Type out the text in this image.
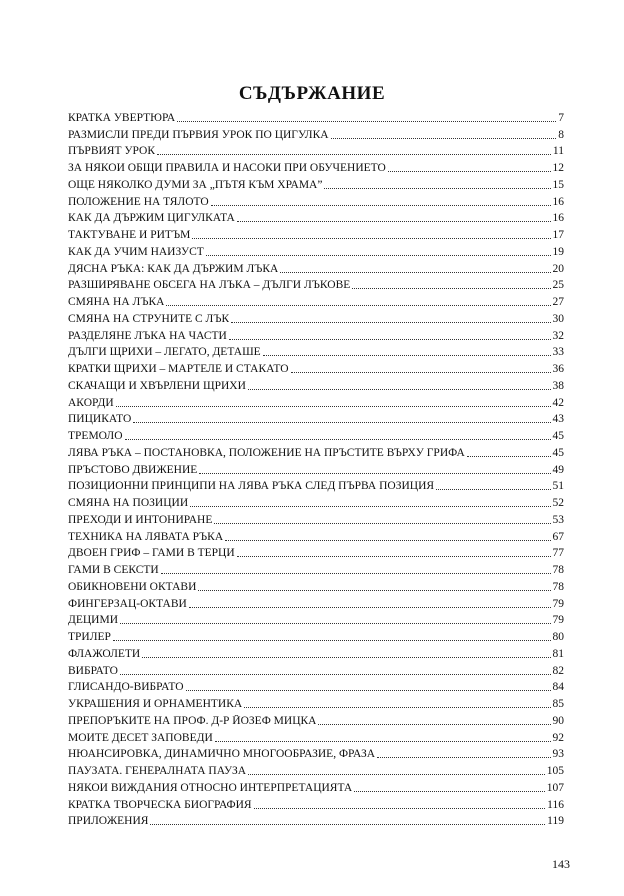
СЪДЪРЖАНИЕ
КРАТКА УВЕРТЮРА	7
РАЗМИСЛИ ПРЕДИ ПЪРВИЯ УРОК ПО ЦИГУЛКА	8
ПЪРВИЯТ УРОК	11
ЗА НЯКОИ ОБЩИ ПРАВИЛА И НАСОКИ ПРИ ОБУЧЕНИЕТО	12
ОЩЕ НЯКОЛКО ДУМИ ЗА „ПЪТЯ КЪМ ХРАМА”	15
ПОЛОЖЕНИЕ НА ТЯЛОТО	16
КАК ДА ДЪРЖИМ ЦИГУЛКАТА	16
ТАКТУВАНЕ И РИТЪМ	17
КАК ДА УЧИМ НАИЗУСТ	19
ДЯСНА РЪКА: КАК ДА ДЪРЖИМ ЛЪКА	20
РАЗШИРЯВАНЕ ОБСЕГА НА ЛЪКА – ДЪЛГИ ЛЪКОВЕ	25
СМЯНА НА ЛЪКА	27
СМЯНА НА СТРУНИТЕ С ЛЪК	30
РАЗДЕЛЯНЕ ЛЪКА НА ЧАСТИ	32
ДЪЛГИ ЩРИХИ – ЛЕГАТО, ДЕТАШЕ	33
КРАТКИ ЩРИХИ – МАРТЕЛЕ И СТАКАТО	36
СКАЧАЩИ И ХВЪРЛЕНИ ЩРИХИ	38
АКОРДИ	42
ПИЦИКАТО	43
ТРЕМОЛО	45
ЛЯВА РЪКА – ПОСТАНОВКА, ПОЛОЖЕНИЕ НА ПРЪСТИТЕ ВЪРХУ ГРИФА	45
ПРЪСТОВО ДВИЖЕНИЕ	49
ПОЗИЦИОННИ ПРИНЦИПИ НА ЛЯВА РЪКА СЛЕД ПЪРВА ПОЗИЦИЯ	51
СМЯНА НА ПОЗИЦИИ	52
ПРЕХОДИ И ИНТОНИРАНЕ	53
ТЕХНИКА НА ЛЯВАТА РЪКА	67
ДВОЕН ГРИФ – ГАМИ В ТЕРЦИ	77
ГАМИ В СЕКСТИ	78
ОБИКНОВЕНИ ОКТАВИ	78
ФИНГЕРЗАЦ-ОКТАВИ	79
ДЕЦИМИ	79
ТРИЛЕР	80
ФЛАЖОЛЕТИ	81
ВИБРАТО	82
ГЛИСАНДО-ВИБРАТО	84
УКРАШЕНИЯ И ОРНАМЕНТИКА	85
ПРЕПОРЪКИТЕ НА ПРОФ. Д-Р ЙОЗЕФ МИЦКА	90
МОИТЕ ДЕСЕТ ЗАПОВЕДИ	92
НЮАНСИРОВКА, ДИНАМИЧНО МНОГООБРАЗИЕ, ФРАЗА	93
ПАУЗАТА. ГЕНЕРАЛНАТА ПАУЗА	105
НЯКОИ ВИЖДАНИЯ ОТНОСНО ИНТЕРПРЕТАЦИЯТА	107
КРАТКА ТВОРЧЕСКА БИОГРАФИЯ	116
ПРИЛОЖЕНИЯ	119
143
